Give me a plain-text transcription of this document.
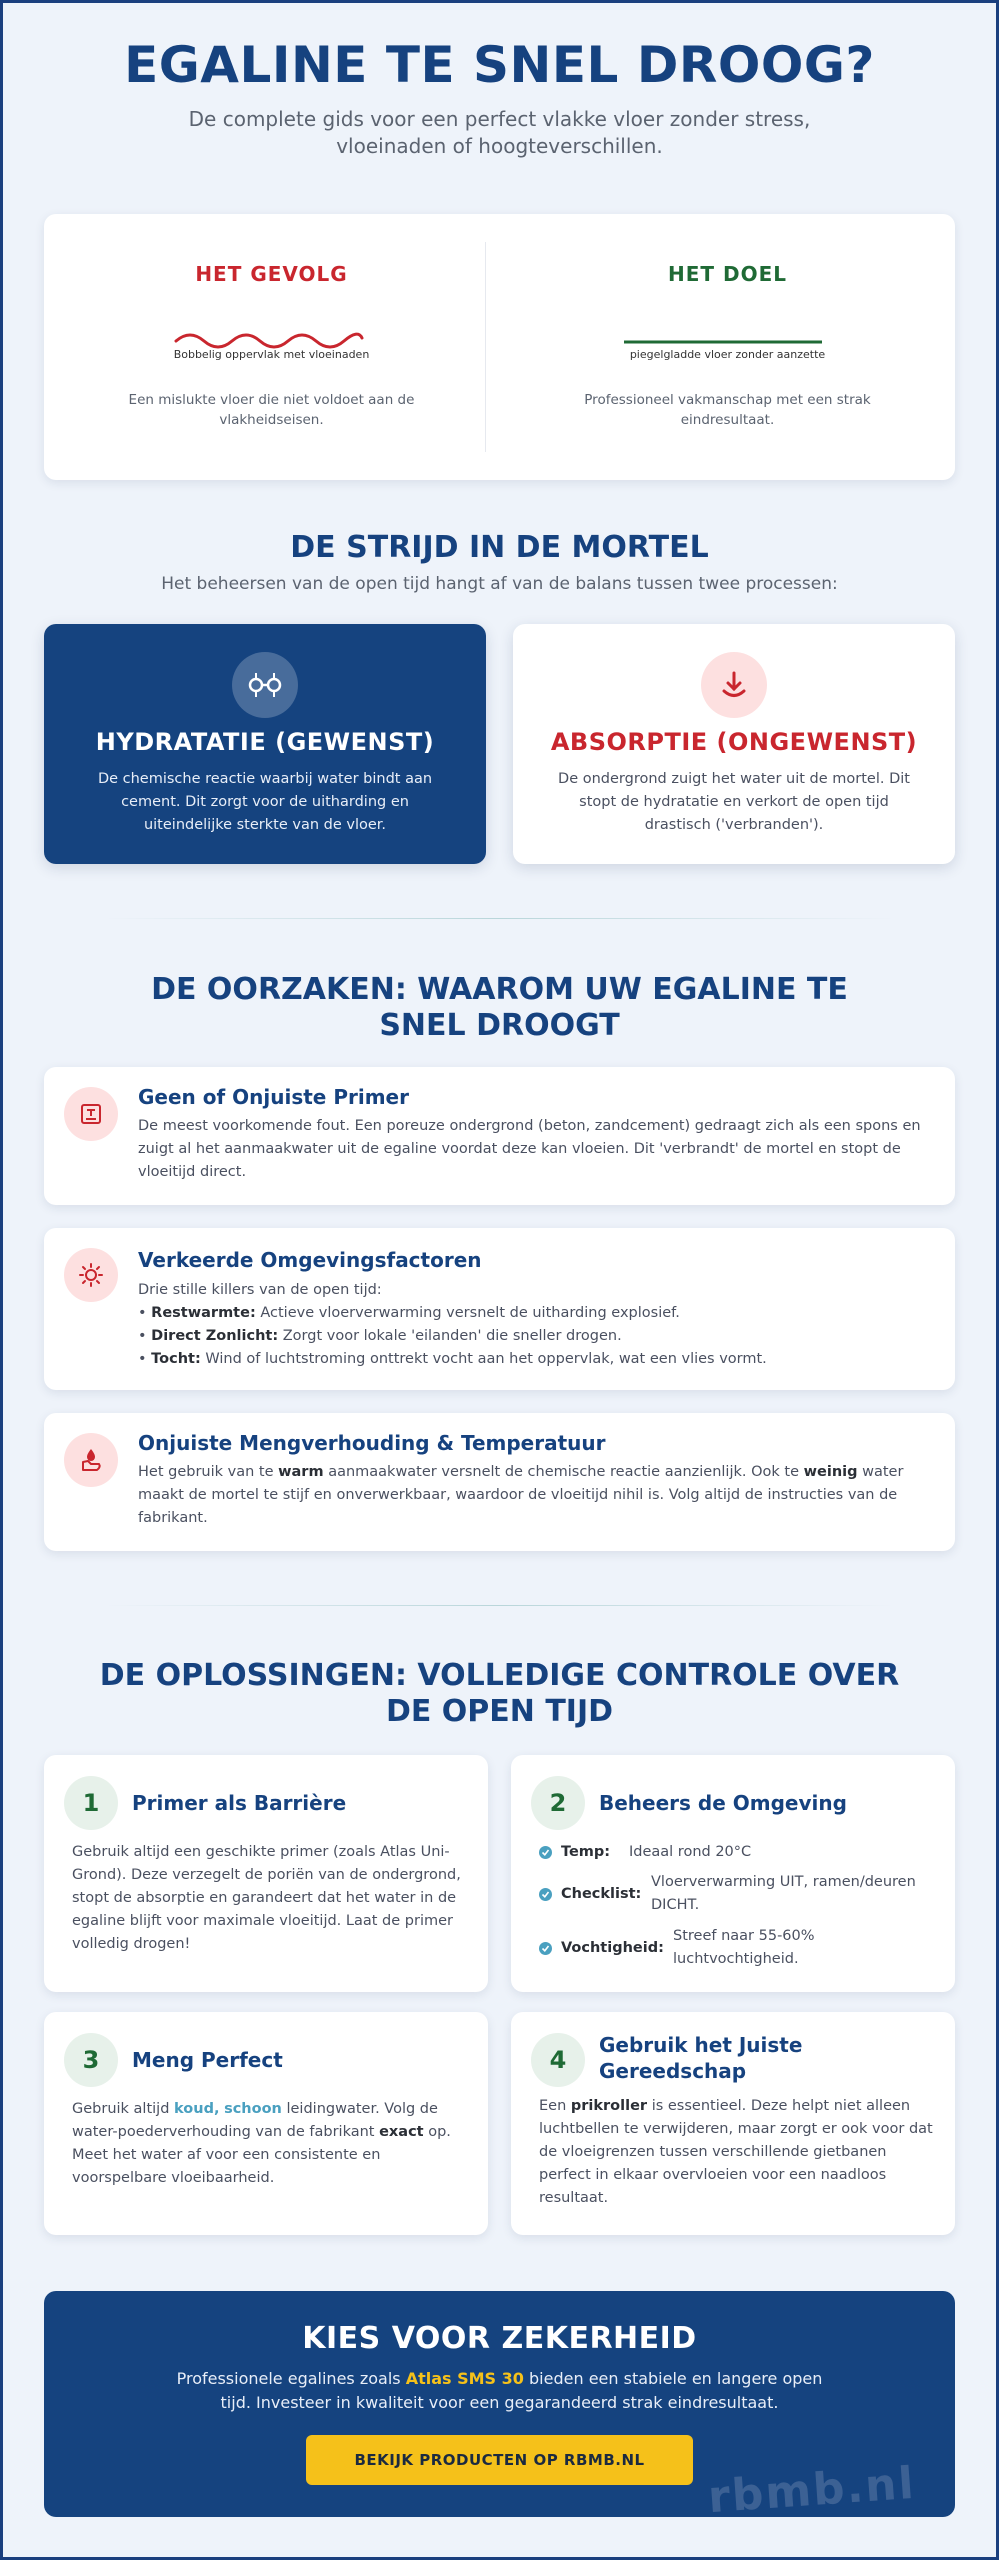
EGALINE TE SNEL DROOG?

De complete gids voor een perfect vlakke vloer zonder stress, vloeinaden of hoogteverschillen.

HET GEVOLG
Bobbelig oppervlak met vloeinaden
Een mislukte vloer die niet voldoet aan de vlakheidseisen.
HET DOEL
piegelgladde vloer zonder aanzette
Professioneel vakmanschap met een strak eindresultaat.
DE STRIJD IN DE MORTEL

Het beheersen van de open tijd hangt af van de balans tussen twee processen:

HYDRATATIE (GEWENST)

De chemische reactie waarbij water bindt aan cement. Dit zorgt voor de uitharding en uiteindelijke sterkte van de vloer.

ABSORPTIE (ONGEWENST)

De ondergrond zuigt het water uit de mortel. Dit stopt de hydratatie en verkort de open tijd drastisch ('verbranden').

DE OORZAKEN: WAAROM UW EGALINE TE SNEL DROOGT
Geen of Onjuiste Primer

De meest voorkomende fout. Een poreuze ondergrond (beton, zandcement) gedraagt zich als een spons en zuigt al het aanmaakwater uit de egaline voordat deze kan vloeien. Dit 'verbrandt' de mortel en stopt de vloeitijd direct.

Verkeerde Omgevingsfactoren
Drie stille killers van de open tijd:
• Restwarmte: Actieve vloerverwarming versnelt de uitharding explosief.
• Direct Zonlicht: Zorgt voor lokale 'eilanden' die sneller drogen.
• Tocht: Wind of luchtstroming onttrekt vocht aan het oppervlak, wat een vlies vormt.
Onjuiste Mengverhouding & Temperatuur

Het gebruik van te warm aanmaakwater versnelt de chemische reactie aanzienlijk. Ook te weinig water maakt de mortel te stijf en onverwerkbaar, waardoor de vloeitijd nihil is. Volg altijd de instructies van de fabrikant.

DE OPLOSSINGEN: VOLLEDIGE CONTROLE OVER DE OPEN TIJD
1	Primer als Barrière

Gebruik altijd een geschikte primer (zoals Atlas Uni-Grond). Deze verzegelt de poriën van de ondergrond, stopt de absorptie en garandeert dat het water in de egaline blijft voor maximale vloeitijd. Laat de primer volledig drogen!

2	Beheers de Omgeving
Temp: Ideaal rond 20°C
Checklist:
Vloerverwarming UIT, ramen/deuren DICHT.
Vochtigheid:
Streef naar 55-60% luchtvochtigheid.
3	Meng Perfect

Gebruik altijd koud, schoon leidingwater. Volg de water-poederverhouding van de fabrikant exact op. Meet het water af voor een consistente en voorspelbare vloeibaarheid.

4
Gebruik het Juiste Gereedschap

Een prikroller is essentieel. Deze helpt niet alleen luchtbellen te verwijderen, maar zorgt er ook voor dat de vloeigrenzen tussen verschillende gietbanen perfect in elkaar overvloeien voor een naadloos resultaat.

KIES VOOR ZEKERHEID

Professionele egalines zoals Atlas SMS 30 bieden een stabiele en langere open tijd. Investeer in kwaliteit voor een gegarandeerd strak eindresultaat.

BEKIJK PRODUCTEN OP RBMB.NL	rbmb.nl
